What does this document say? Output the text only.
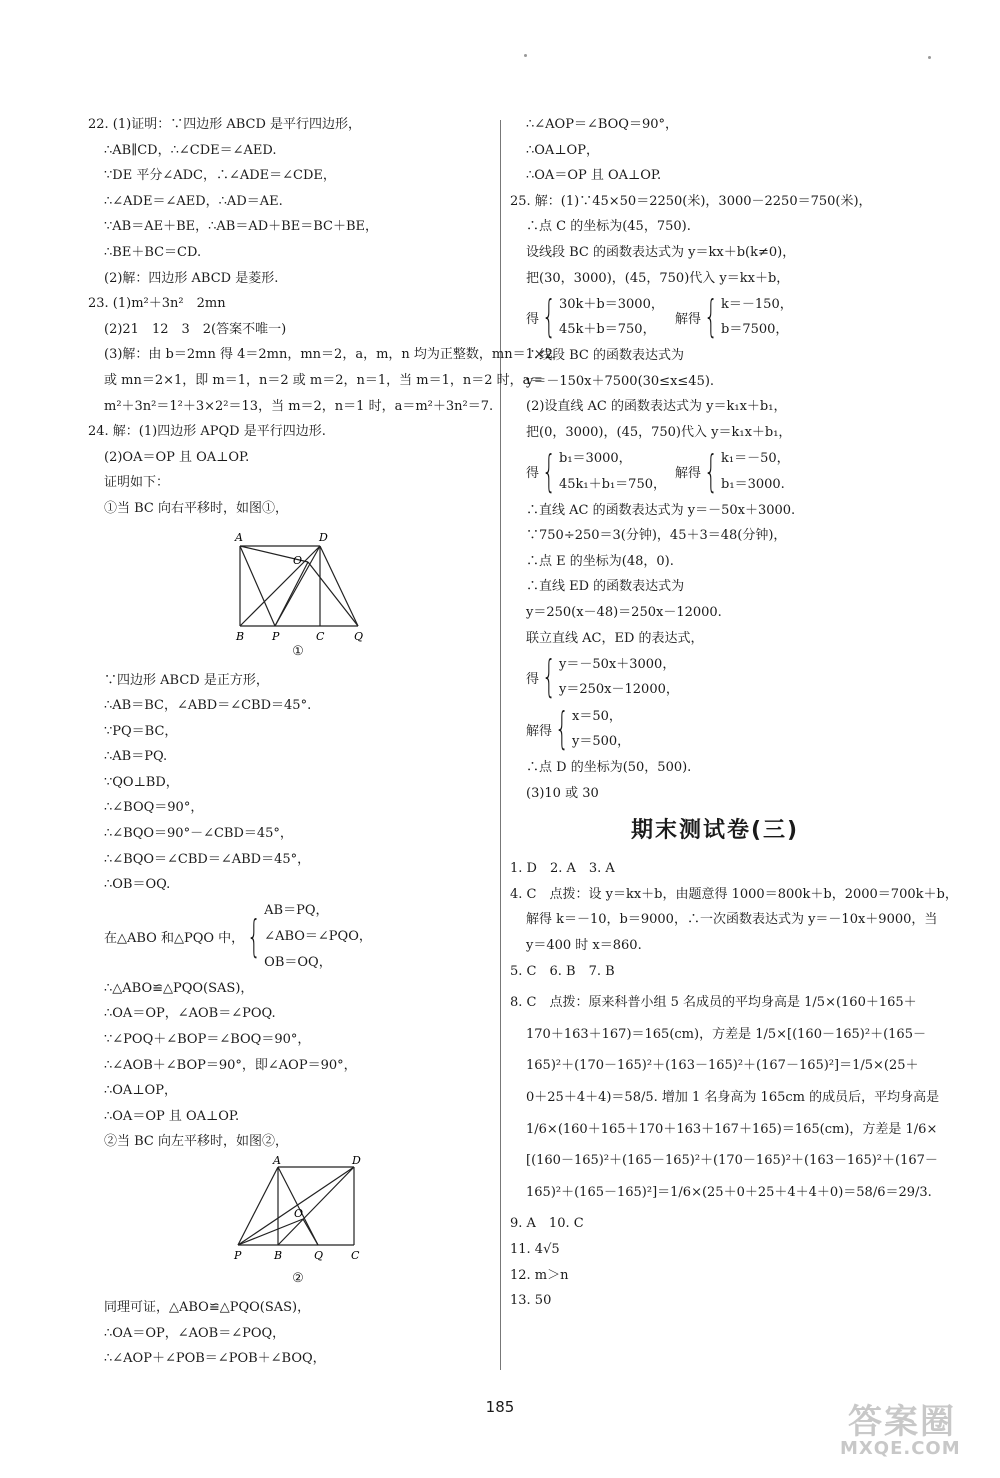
22. (1)证明：∵四边形 ABCD 是平行四边形，
∴AB∥CD，∴∠CDE＝∠AED.
∵DE 平分∠ADC，∴∠ADE＝∠CDE，
∴∠ADE＝∠AED，∴AD＝AE.
∵AB＝AE＋BE，∴AB＝AD＋BE＝BC＋BE，
∴BE＋BC＝CD.
(2)解：四边形 ABCD 是菱形.
23. (1)m²＋3n²　2mn
(2)21　12　3　2(答案不唯一)
(3)解：由 b＝2mn 得 4＝2mn，mn＝2，a，m，n 均为正整数，mn＝1×2
或 mn＝2×1，即 m＝1，n＝2 或 m＝2，n＝1，当 m＝1，n＝2 时，a＝
m²＋3n²＝1²＋3×2²＝13，当 m＝2，n＝1 时，a＝m²＋3n²＝7.
24. 解：(1)四边形 APQD 是平行四边形.
(2)OA＝OP 且 OA⊥OP.
证明如下：
①当 BC 向右平移时，如图①，
A	D
O
B	P	C	Q
①
∵四边形 ABCD 是正方形，
∴AB＝BC，∠ABD＝∠CBD＝45°.
∵PQ＝BC，
∴AB＝PQ.
∵QO⊥BD，
∴∠BOQ＝90°，
∴∠BQO＝90°－∠CBD＝45°，
∴∠BQO＝∠CBD＝∠ABD＝45°，
∴OB＝OQ.
在△ABO 和△PQO 中， { AB＝PQ，
∠ABO＝∠PQO，
OB＝OQ，
∴△ABO≌△PQO(SAS)，
∴OA＝OP，∠AOB＝∠POQ.
∵∠POQ＋∠BOP＝∠BOQ＝90°，
∴∠AOB＋∠BOP＝90°，即∠AOP＝90°，
∴OA⊥OP，
∴OA＝OP 且 OA⊥OP.
②当 BC 向左平移时，如图②，
A	D
O
P	B	Q	C
②
同理可证，△ABO≌△PQO(SAS)，
∴OA＝OP，∠AOB＝∠POQ，
∴∠AOP＋∠POB＝∠POB＋∠BOQ，
∴∠AOP＝∠BOQ＝90°，
∴OA⊥OP，
∴OA＝OP 且 OA⊥OP.
25. 解：(1)∵45×50＝2250(米)，3000－2250＝750(米)，
∴点 C 的坐标为(45，750).
设线段 BC 的函数表达式为 y＝kx＋b(k≠0)，
把(30，3000)，(45，750)代入 y＝kx＋b，
得 { 30k＋b＝3000，
45k＋b＝750，
解得 { k＝－150，
b＝7500，
∴线段 BC 的函数表达式为
y＝－150x＋7500(30≤x≤45).
(2)设直线 AC 的函数表达式为 y＝k₁x＋b₁，
把(0，3000)，(45，750)代入 y＝k₁x＋b₁，
得 { b₁＝3000，
45k₁＋b₁＝750，
解得 { k₁＝－50，
b₁＝3000.
∴直线 AC 的函数表达式为 y＝－50x＋3000.
∵750÷250＝3(分钟)，45＋3＝48(分钟)，
∴点 E 的坐标为(48，0).
∴直线 ED 的函数表达式为
y＝250(x－48)＝250x－12000.
联立直线 AC，ED 的表达式，
得 { y＝－50x＋3000，
y＝250x－12000，
解得 { x＝50，
y＝500，
∴点 D 的坐标为(50，500).
(3)10 或 30
期末测试卷(三)
1. D　2. A　3. A
4. C　点拨：设 y＝kx＋b，由题意得 1000＝800k＋b，2000＝700k＋b，
解得 k＝－10，b＝9000，∴一次函数表达式为 y＝－10x＋9000，当
y＝400 时 x＝860.
5. C　6. B　7. B
8. C　点拨：原来科普小组 5 名成员的平均身高是 1/5×(160＋165＋
170＋163＋167)＝165(cm)，方差是 1/5×[(160－165)²＋(165－
165)²＋(170－165)²＋(163－165)²＋(167－165)²]＝1/5×(25＋
0＋25＋4＋4)＝58/5. 增加 1 名身高为 165cm 的成员后，平均身高是
1/6×(160＋165＋170＋163＋167＋165)＝165(cm)，方差是 1/6×
[(160－165)²＋(165－165)²＋(170－165)²＋(163－165)²＋(167－
165)²＋(165－165)²]＝1/6×(25＋0＋25＋4＋4＋0)＝58/6＝29/3.
9. A　10. C
11. 4√5
12. m＞n
13. 50
185	答案圈
MXQE.COM
